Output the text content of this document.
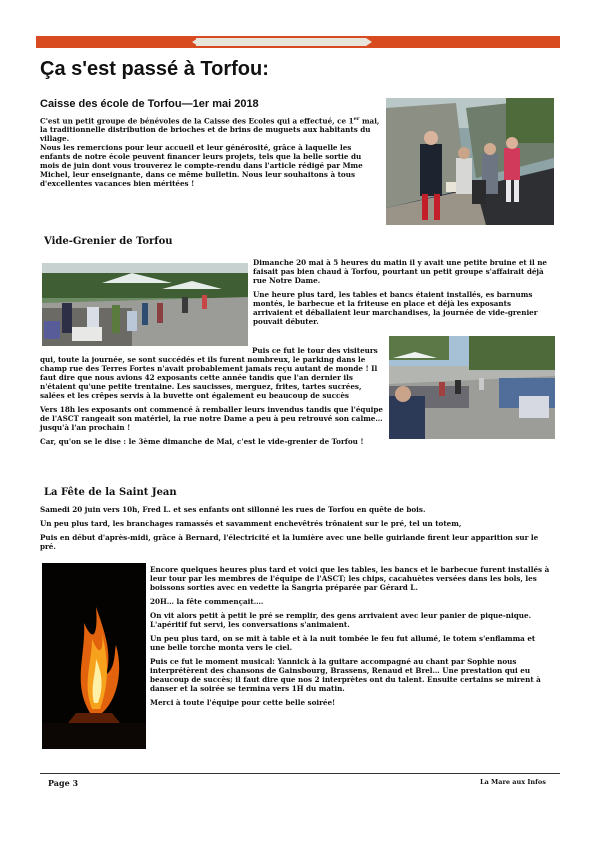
Ça s'est passé à Torfou:
Caisse des école de Torfou—1er mai 2018

C'est un petit groupe de bénévoles de la Caisse des Ecoles qui a effectué, ce 1er mai, la traditionnelle distribution de brioches et de brins de muguets aux habitants du village.

Nous les remercions pour leur accueil et leur générosité, grâce à laquelle les enfants de notre école peuvent financer leurs projets, tels que la belle sortie du mois de juin dont vous trouverez le compte-rendu dans l'article rédigé par Mme Michel, leur enseignante, dans ce même bulletin. Nous leur souhaitons à tous d'excellentes vacances bien méritées !

Vide-Grenier de Torfou

Dimanche 20 mai à 5 heures du matin il y avait une petite bruine et il ne faisait pas bien chaud à Torfou, pourtant un petit groupe s'affairait déjà rue Notre Dame.

Une heure plus tard, les tables et bancs étaient installés, es barnums montés, le barbecue et la friteuse en place et déjà les exposants arrivaient et déballaient leur marchandises, la journée de vide-grenier pouvait débuter.

Puis ce fut le tour des visiteurs qui, toute la journée, se sont succédés et ils furent nombreux, le parking dans le champ rue des Terres Fortes n'avait probablement jamais reçu autant de monde ! Il faut dire que nous avions 42 exposants cette année tandis que l'an dernier ils n'étaient qu'une petite trentaine. Les saucisses, merguez, frites, tartes sucrées, salées et les crêpes servis à la buvette ont également eu beaucoup de succès

Vers 18h les exposants ont commencé à remballer leurs invendus tandis que l'équipe de l'ASCT rangeait son matériel, la rue notre Dame a peu à peu retrouvé son calme… jusqu'à l'an prochain !

Car, qu'on se le dise : le 3ème dimanche de Mai, c'est le vide-grenier de Torfou !

La Fête de la Saint Jean

Samedi 20 juin vers 10h, Fred L. et ses enfants ont sillonné les rues de Torfou en quête de bois.

Un peu plus tard, les branchages ramassés et savamment enchevêtrés trônaient sur le pré, tel un totem,

Puis en début d'après-midi, grâce à Bernard, l'électricité et la lumière avec une belle guirlande firent leur apparition sur le pré.

Encore quelques heures plus tard et voici que les tables, les bancs et le barbecue furent installés à leur tour par les membres de l'équipe de l'ASCT; les chips, cacahuètes versées dans les bols, les boissons sorties avec en vedette la Sangria préparée par Gérard L.

20H… la fête commençait….

On vit alors petit à petit le pré se remplir, des gens arrivaient avec leur panier de pique-nique. L'apéritif fut servi, les conversations s'animaient.

Un peu plus tard, on se mit à table et à la nuit tombée le feu fut allumé, le totem s'enflamma et une belle torche monta vers le ciel.

Puis ce fut le moment musical: Yannick à la guitare accompagné au chant par Sophie nous interprétèrent des chansons de Gainsbourg, Brassens, Renaud et Brel… Une prestation qui eu beaucoup de succès; il faut dire que nos 2 interprètes ont du talent. Ensuite certains se mirent à danser et la soirée se termina vers 1H du matin.

Merci à toute l'équipe pour cette belle soirée!

Page 3	La Mare aux Infos
